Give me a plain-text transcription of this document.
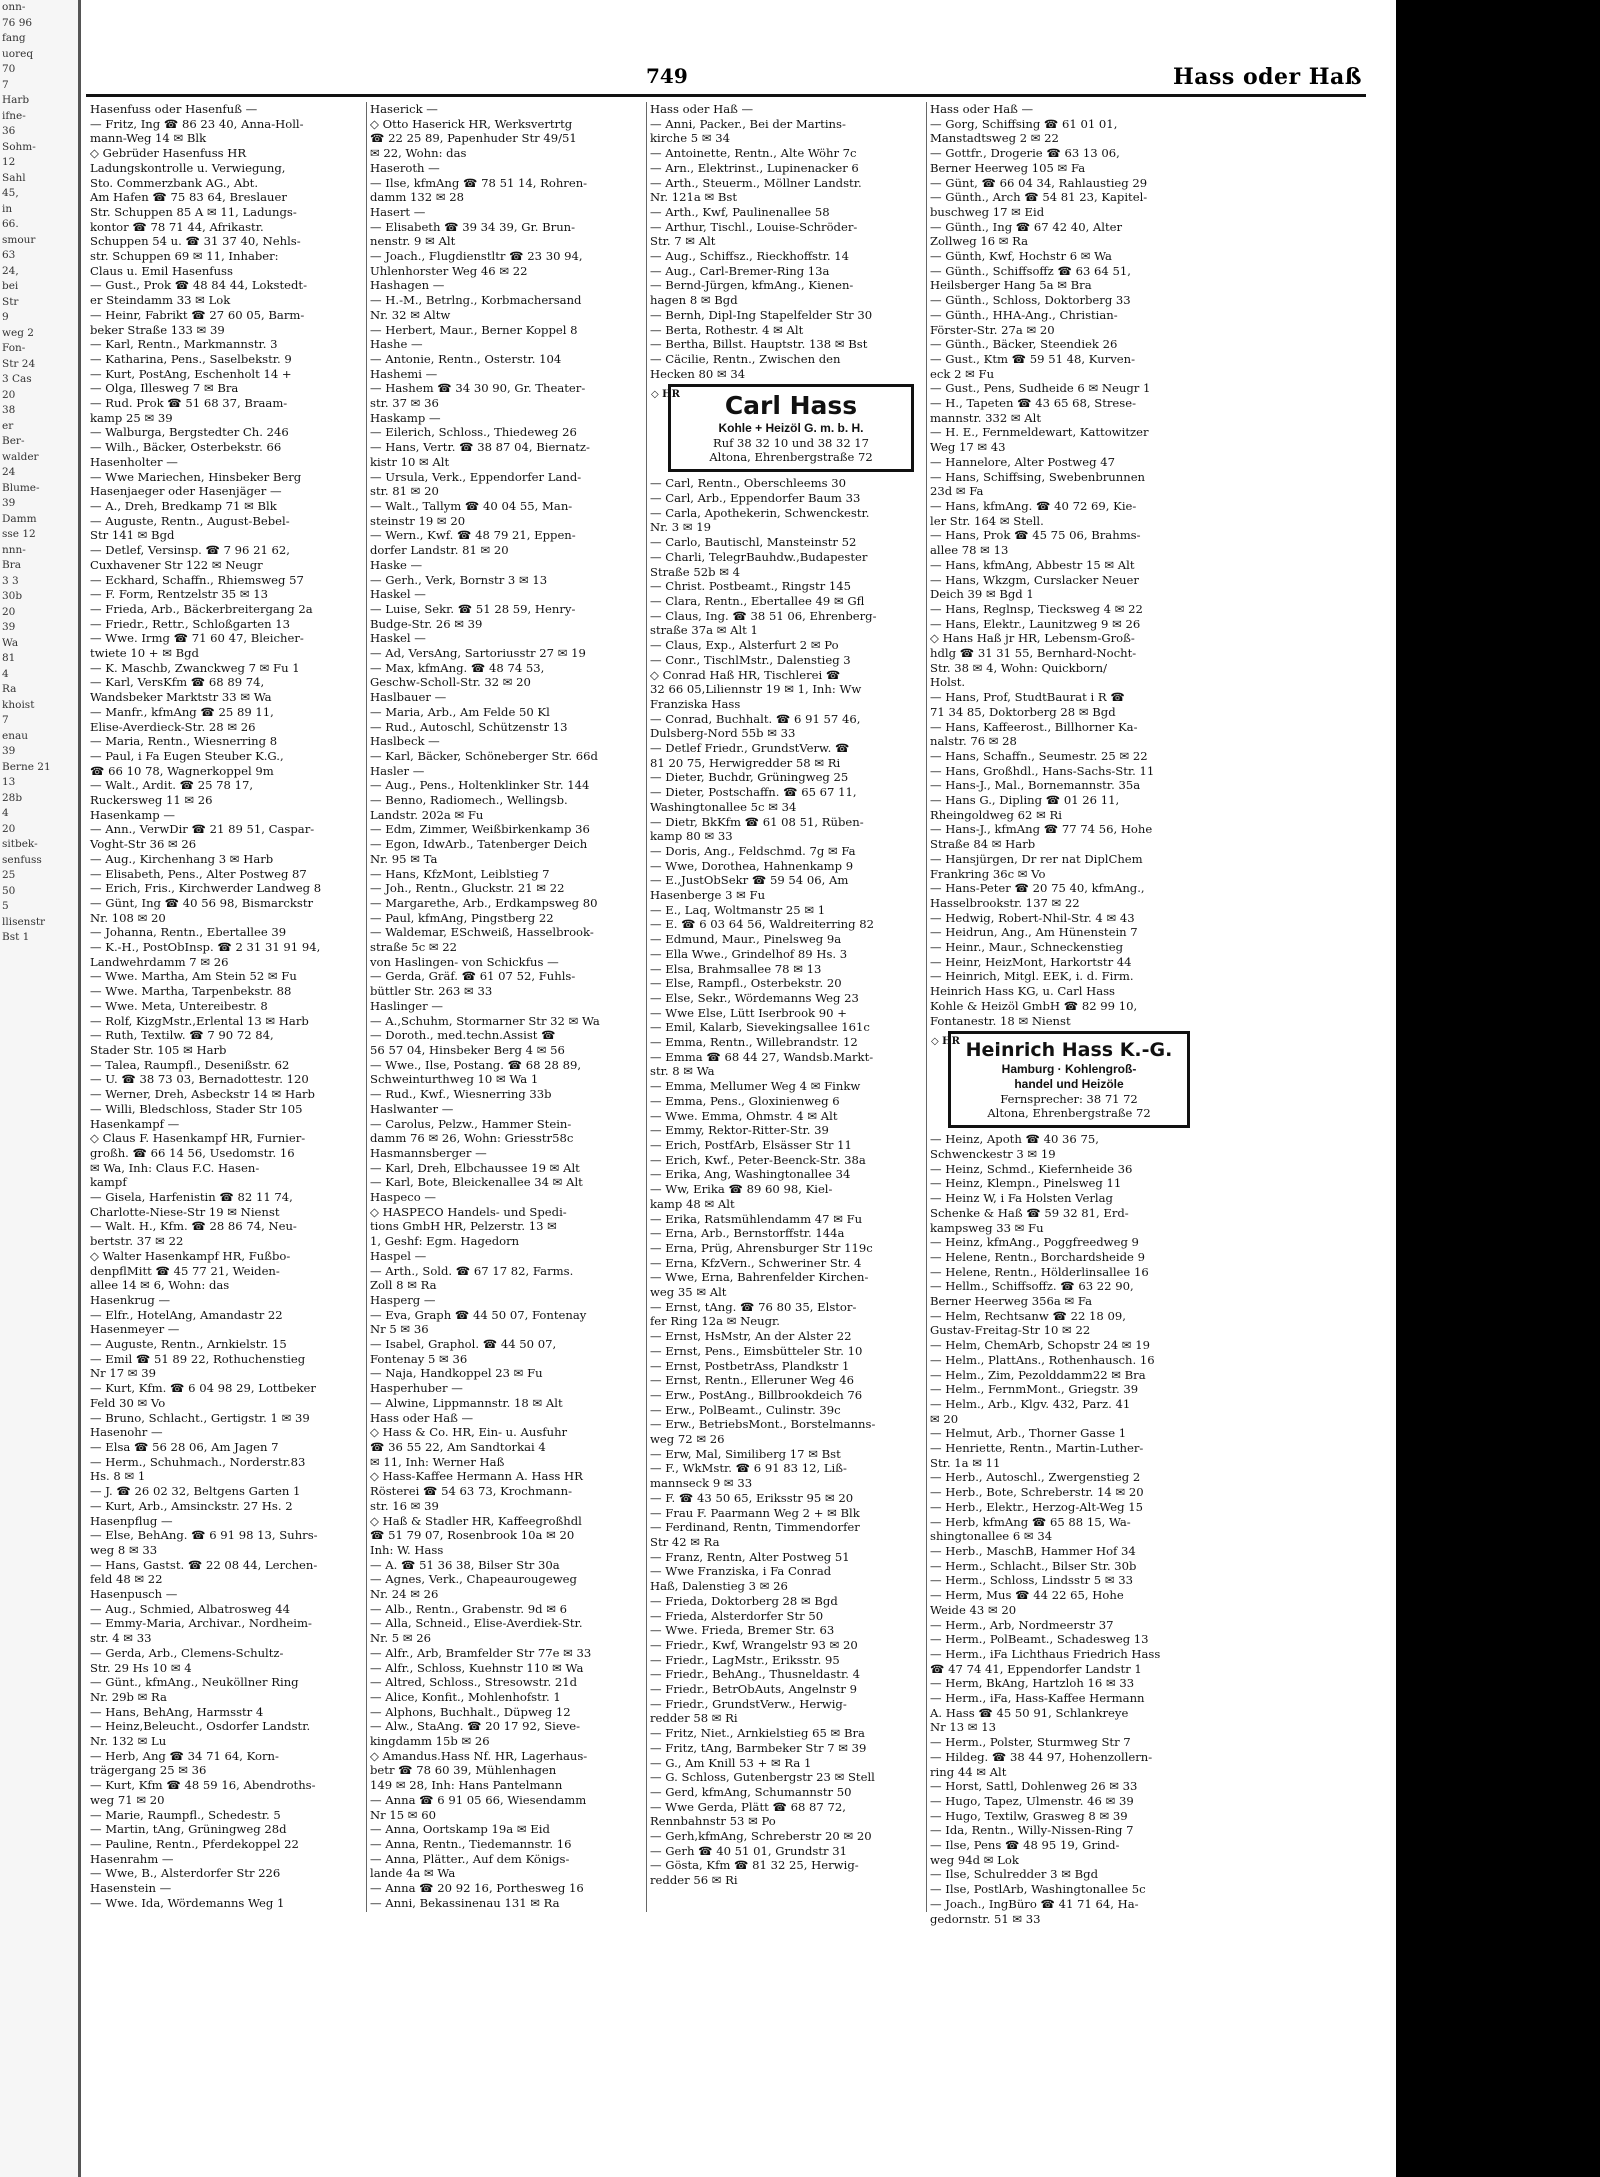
onn-
76 96
fang
uoreq
70
7
Harb
ifne-
36
Sohm-
12
Sahl
45,
in
66.
smour
63
24,
bei
Str
9
weg 2
Fon-
Str 24
3 Cas
20
38
er
Ber-
walder
24
Blume-
39
Damm
sse 12
nnn-
Bra
3 3
30b
20
39
Wa
81
4
Ra
khoist
7
enau
39
Berne 21
13
28b
4
20
sitbek-
senfuss
25
50
5
llisenstr
Bst 1
749	Hass oder Haß
Hasenfuss oder Hasenfuß —
— Fritz, Ing ☎ 86 23 40, Anna-Holl-
mann-Weg 14 ✉ Blk
◇ Gebrüder Hasenfuss HR
Ladungskontrolle u. Verwiegung,
Sto. Commerzbank AG., Abt.
Am Hafen ☎ 75 83 64, Breslauer
Str. Schuppen 85 A ✉ 11, Ladungs-
kontor ☎ 78 71 44, Afrikastr.
Schuppen 54 u. ☎ 31 37 40, Nehls-
str. Schuppen 69 ✉ 11, Inhaber:
Claus u. Emil Hasenfuss
— Gust., Prok ☎ 48 84 44, Lokstedt-
er Steindamm 33 ✉ Lok
— Heinr, Fabrikt ☎ 27 60 05, Barm-
beker Straße 133 ✉ 39
— Karl, Rentn., Markmannstr. 3
— Katharina, Pens., Saselbekstr. 9
— Kurt, PostAng, Eschenholt 14 +
— Olga, Illesweg 7 ✉ Bra
— Rud. Prok ☎ 51 68 37, Braam-
kamp 25 ✉ 39
— Walburga, Bergstedter Ch. 246
— Wilh., Bäcker, Osterbekstr. 66
Hasenholter —
— Wwe Mariechen, Hinsbeker Berg
Hasenjaeger oder Hasenjäger —
— A., Dreh, Bredkamp 71 ✉ Blk
— Auguste, Rentn., August-Bebel-
Str 141 ✉ Bgd
— Detlef, Versinsp. ☎ 7 96 21 62,
Cuxhavener Str 122 ✉ Neugr
— Eckhard, Schaffn., Rhiemsweg 57
— F. Form, Rentzelstr 35 ✉ 13
— Frieda, Arb., Bäckerbreitergang 2a
— Friedr., Rettr., Schloßgarten 13
— Wwe. Irmg ☎ 71 60 47, Bleicher-
twiete 10 + ✉ Bgd
— K. Maschb, Zwanckweg 7 ✉ Fu 1
— Karl, VersKfm ☎ 68 89 74,
Wandsbeker Marktstr 33 ✉ Wa
— Manfr., kfmAng ☎ 25 89 11,
Elise-Averdieck-Str. 28 ✉ 26
— Maria, Rentn., Wiesnerring 8
— Paul, i Fa Eugen Steuber K.G.,
☎ 66 10 78, Wagnerkoppel 9m
— Walt., Ardit. ☎ 25 78 17,
Ruckersweg 11 ✉ 26
Hasenkamp —
— Ann., VerwDir ☎ 21 89 51, Caspar-
Voght-Str 36 ✉ 26
— Aug., Kirchenhang 3 ✉ Harb
— Elisabeth, Pens., Alter Postweg 87
— Erich, Fris., Kirchwerder Landweg 8
— Günt, Ing ☎ 40 56 98, Bismarckstr
Nr. 108 ✉ 20
— Johanna, Rentn., Ebertallee 39
— K.-H., PostObInsp. ☎ 2 31 31 91 94,
Landwehrdamm 7 ✉ 26
— Wwe. Martha, Am Stein 52 ✉ Fu
— Wwe. Martha, Tarpenbekstr. 88
— Wwe. Meta, Untereibestr. 8
— Rolf, KizgMstr.,Erlental 13 ✉ Harb
— Ruth, Textilw. ☎ 7 90 72 84,
Stader Str. 105 ✉ Harb
— Talea, Raumpfl., Desenißstr. 62
— U. ☎ 38 73 03, Bernadottestr. 120
— Werner, Dreh, Asbeckstr 14 ✉ Harb
— Willi, Bledschloss, Stader Str 105
Hasenkampf —
◇ Claus F. Hasenkampf HR, Furnier-
großh. ☎ 66 14 56, Usedomstr. 16
✉ Wa, Inh: Claus F.C. Hasen-
kampf
— Gisela, Harfenistin ☎ 82 11 74,
Charlotte-Niese-Str 19 ✉ Nienst
— Walt. H., Kfm. ☎ 28 86 74, Neu-
bertstr. 37 ✉ 22
◇ Walter Hasenkampf HR, Fußbo-
denpflMitt ☎ 45 77 21, Weiden-
allee 14 ✉ 6, Wohn: das
Hasenkrug —
— Elfr., HotelAng, Amandastr 22
Hasenmeyer —
— Auguste, Rentn., Arnkielstr. 15
— Emil ☎ 51 89 22, Rothuchenstieg
Nr 17 ✉ 39
— Kurt, Kfm. ☎ 6 04 98 29, Lottbeker
Feld 30 ✉ Vo
— Bruno, Schlacht., Gertigstr. 1 ✉ 39
Hasenohr —
— Elsa ☎ 56 28 06, Am Jagen 7
— Herm., Schuhmach., Norderstr.83
Hs. 8 ✉ 1
— J. ☎ 26 02 32, Beltgens Garten 1
— Kurt, Arb., Amsinckstr. 27 Hs. 2
Hasenpflug —
— Else, BehAng. ☎ 6 91 98 13, Suhrs-
weg 8 ✉ 33
— Hans, Gastst. ☎ 22 08 44, Lerchen-
feld 48 ✉ 22
Hasenpusch —
— Aug., Schmied, Albatrosweg 44
— Emmy-Maria, Archivar., Nordheim-
str. 4 ✉ 33
— Gerda, Arb., Clemens-Schultz-
Str. 29 Hs 10 ✉ 4
— Günt., kfmAng., Neuköllner Ring
Nr. 29b ✉ Ra
— Hans, BehAng, Harmsstr 4
— Heinz,Beleucht., Osdorfer Landstr.
Nr. 132 ✉ Lu
— Herb, Ang ☎ 34 71 64, Korn-
trägergang 25 ✉ 36
— Kurt, Kfm ☎ 48 59 16, Abendroths-
weg 71 ✉ 20
— Marie, Raumpfl., Schedestr. 5
— Martin, tAng, Grüningweg 28d
— Pauline, Rentn., Pferdekoppel 22
Hasenrahm —
— Wwe, B., Alsterdorfer Str 226
Hasenstein —
— Wwe. Ida, Wördemanns Weg 1
Haserick —
◇ Otto Haserick HR, Werksvertrtg
☎ 22 25 89, Papenhuder Str 49/51
✉ 22, Wohn: das
Haseroth —
— Ilse, kfmAng ☎ 78 51 14, Rohren-
damm 132 ✉ 28
Hasert —
— Elisabeth ☎ 39 34 39, Gr. Brun-
nenstr. 9 ✉ Alt
— Joach., Flugdienstltr ☎ 23 30 94,
Uhlenhorster Weg 46 ✉ 22
Hashagen —
— H.-M., Betrlng., Korbmachersand
Nr. 32 ✉ Altw
— Herbert, Maur., Berner Koppel 8
Hashe —
— Antonie, Rentn., Osterstr. 104
Hashemi —
— Hashem ☎ 34 30 90, Gr. Theater-
str. 37 ✉ 36
Haskamp —
— Eilerich, Schloss., Thiedeweg 26
— Hans, Vertr. ☎ 38 87 04, Biernatz-
kistr 10 ✉ Alt
— Ursula, Verk., Eppendorfer Land-
str. 81 ✉ 20
— Walt., Tallym ☎ 40 04 55, Man-
steinstr 19 ✉ 20
— Wern., Kwf. ☎ 48 79 21, Eppen-
dorfer Landstr. 81 ✉ 20
Haske —
— Gerh., Verk, Bornstr 3 ✉ 13
Haskel —
— Luise, Sekr. ☎ 51 28 59, Henry-
Budge-Str. 26 ✉ 39
Haskel —
— Ad, VersAng, Sartoriusstr 27 ✉ 19
— Max, kfmAng. ☎ 48 74 53,
Geschw-Scholl-Str. 32 ✉ 20
Haslbauer —
— Maria, Arb., Am Felde 50 Kl
— Rud., Autoschl, Schützenstr 13
Haslbeck —
— Karl, Bäcker, Schöneberger Str. 66d
Hasler —
— Aug., Pens., Holtenklinker Str. 144
— Benno, Radiomech., Wellingsb.
Landstr. 202a ✉ Fu
— Edm, Zimmer, Weißbirkenkamp 36
— Egon, IdwArb., Tatenberger Deich
Nr. 95 ✉ Ta
— Hans, KfzMont, Leiblstieg 7
— Joh., Rentn., Gluckstr. 21 ✉ 22
— Margarethe, Arb., Erdkampsweg 80
— Paul, kfmAng, Pingstberg 22
— Waldemar, ESchweiß, Hasselbrook-
straße 5c ✉ 22
von Haslingen- von Schickfus —
— Gerda, Gräf. ☎ 61 07 52, Fuhls-
büttler Str. 263 ✉ 33
Haslinger —
— A.,Schuhm, Stormarner Str 32 ✉ Wa
— Doroth., med.techn.Assist ☎
56 57 04, Hinsbeker Berg 4 ✉ 56
— Wwe., Ilse, Postang. ☎ 68 28 89,
Schweinturthweg 10 ✉ Wa 1
— Rud., Kwf., Wiesnerring 33b
Haslwanter —
— Carolus, Pelzw., Hammer Stein-
damm 76 ✉ 26, Wohn: Griesstr58c
Hasmannsberger —
— Karl, Dreh, Elbchaussee 19 ✉ Alt
— Karl, Bote, Bleickenallee 34 ✉ Alt
Haspeco —
◇ HASPECO Handels- und Spedi-
tions GmbH HR, Pelzerstr. 13 ✉
1, Geshf: Egm. Hagedorn
Haspel —
— Arth., Sold. ☎ 67 17 82, Farms.
Zoll 8 ✉ Ra
Hasperg —
— Eva, Graph ☎ 44 50 07, Fontenay
Nr 5 ✉ 36
— Isabel, Graphol. ☎ 44 50 07,
Fontenay 5 ✉ 36
— Naja, Handkoppel 23 ✉ Fu
Hasperhuber —
— Alwine, Lippmannstr. 18 ✉ Alt
Hass oder Haß —
◇ Hass & Co. HR, Ein- u. Ausfuhr
☎ 36 55 22, Am Sandtorkai 4
✉ 11, Inh: Werner Haß
◇ Hass-Kaffee Hermann A. Hass HR
Rösterei ☎ 54 63 73, Krochmann-
str. 16 ✉ 39
◇ Haß & Stadler HR, Kaffeegroßhdl
☎ 51 79 07, Rosenbrook 10a ✉ 20
Inh: W. Hass
— A. ☎ 51 36 38, Bilser Str 30a
— Agnes, Verk., Chapeaurougeweg
Nr. 24 ✉ 26
— Alb., Rentn., Grabenstr. 9d ✉ 6
— Alla, Schneid., Elise-Averdiek-Str.
Nr. 5 ✉ 26
— Alfr., Arb, Bramfelder Str 77e ✉ 33
— Alfr., Schloss, Kuehnstr 110 ✉ Wa
— Altred, Schloss., Stresowstr. 21d
— Alice, Konfit., Mohlenhofstr. 1
— Alphons, Buchhalt., Düpweg 12
— Alw., StaAng. ☎ 20 17 92, Sieve-
kingdamm 15b ✉ 26
◇ Amandus.Hass Nf. HR, Lagerhaus-
betr ☎ 78 60 39, Mühlenhagen
149 ✉ 28, Inh: Hans Pantelmann
— Anna ☎ 6 91 05 66, Wiesendamm
Nr 15 ✉ 60
— Anna, Oortskamp 19a ✉ Eid
— Anna, Rentn., Tiedemannstr. 16
— Anna, Plätter., Auf dem Königs-
lande 4a ✉ Wa
— Anna ☎ 20 92 16, Porthesweg 16
— Anni, Bekassinenau 131 ✉ Ra
Hass oder Haß —
— Anni, Packer., Bei der Martins-
kirche 5 ✉ 34
— Antoinette, Rentn., Alte Wöhr 7c
— Arn., Elektrinst., Lupinenacker 6
— Arth., Steuerm., Möllner Landstr.
Nr. 121a ✉ Bst
— Arth., Kwf, Paulinenallee 58
— Arthur, Tischl., Louise-Schröder-
Str. 7 ✉ Alt
— Aug., Schiffsz., Rieckhoffstr. 14
— Aug., Carl-Bremer-Ring 13a
— Bernd-Jürgen, kfmAng., Kienen-
hagen 8 ✉ Bgd
— Bernh, Dipl-Ing Stapelfelder Str 30
— Berta, Rothestr. 4 ✉ Alt
— Bertha, Billst. Hauptstr. 138 ✉ Bst
— Cäcilie, Rentn., Zwischen den
Hecken 80 ✉ 34
◇ HR	Carl Hass
Kohle + Heizöl G. m. b. H.
Ruf 38 32 10 und 38 32 17
Altona, Ehrenbergstraße 72
— Carl, Rentn., Oberschleems 30
— Carl, Arb., Eppendorfer Baum 33
— Carla, Apothekerin, Schwenckestr.
Nr. 3 ✉ 19
— Carlo, Bautischl, Mansteinstr 52
— Charli, TelegrBauhdw.,Budapester
Straße 52b ✉ 4
— Christ. Postbeamt., Ringstr 145
— Clara, Rentn., Ebertallee 49 ✉ Gfl
— Claus, Ing. ☎ 38 51 06, Ehrenberg-
straße 37a ✉ Alt 1
— Claus, Exp., Alsterfurt 2 ✉ Po
— Conr., TischlMstr., Dalenstieg 3
◇ Conrad Haß HR, Tischlerei ☎
32 66 05,Liliennstr 19 ✉ 1, Inh: Ww
Franziska Hass
— Conrad, Buchhalt. ☎ 6 91 57 46,
Dulsberg-Nord 55b ✉ 33
— Detlef Friedr., GrundstVerw. ☎
81 20 75, Herwigredder 58 ✉ Ri
— Dieter, Buchdr, Grüningweg 25
— Dieter, Postschaffn. ☎ 65 67 11,
Washingtonallee 5c ✉ 34
— Dietr, BkKfm ☎ 61 08 51, Rüben-
kamp 80 ✉ 33
— Doris, Ang., Feldschmd. 7g ✉ Fa
— Wwe, Dorothea, Hahnenkamp 9
— E.,JustObSekr ☎ 59 54 06, Am
Hasenberge 3 ✉ Fu
— E., Laq, Woltmanstr 25 ✉ 1
— E. ☎ 6 03 64 56, Waldreiterring 82
— Edmund, Maur., Pinelsweg 9a
— Ella Wwe., Grindelhof 89 Hs. 3
— Elsa, Brahmsallee 78 ✉ 13
— Else, Rampfl., Osterbekstr. 20
— Else, Sekr., Wördemanns Weg 23
— Wwe Else, Lütt Iserbrook 90 +
— Emil, Kalarb, Sievekingsallee 161c
— Emma, Rentn., Willebrandstr. 12
— Emma ☎ 68 44 27, Wandsb.Markt-
str. 8 ✉ Wa
— Emma, Mellumer Weg 4 ✉ Finkw
— Emma, Pens., Gloxinienweg 6
— Wwe. Emma, Ohmstr. 4 ✉ Alt
— Emmy, Rektor-Ritter-Str. 39
— Erich, PostfArb, Elsässer Str 11
— Erich, Kwf., Peter-Beenck-Str. 38a
— Erika, Ang, Washingtonallee 34
— Ww, Erika ☎ 89 60 98, Kiel-
kamp 48 ✉ Alt
— Erika, Ratsmühlendamm 47 ✉ Fu
— Erna, Arb., Bernstorffstr. 144a
— Erna, Prüg, Ahrensburger Str 119c
— Erna, KfzVern., Schweriner Str. 4
— Wwe, Erna, Bahrenfelder Kirchen-
weg 35 ✉ Alt
— Ernst, tAng. ☎ 76 80 35, Elstor-
fer Ring 12a ✉ Neugr.
— Ernst, HsMstr, An der Alster 22
— Ernst, Pens., Eimsbütteler Str. 10
— Ernst, PostbetrAss, Plandkstr 1
— Ernst, Rentn., Elleruner Weg 46
— Erw., PostAng., Billbrookdeich 76
— Erw., PolBeamt., Culinstr. 39c
— Erw., BetriebsMont., Borstelmanns-
weg 72 ✉ 26
— Erw, Mal, Similiberg 17 ✉ Bst
— F., WkMstr. ☎ 6 91 83 12, Liß-
mannseck 9 ✉ 33
— F. ☎ 43 50 65, Eriksstr 95 ✉ 20
— Frau F. Paarmann Weg 2 + ✉ Blk
— Ferdinand, Rentn, Timmendorfer
Str 42 ✉ Ra
— Franz, Rentn, Alter Postweg 51
— Wwe Franziska, i Fa Conrad
Haß, Dalenstieg 3 ✉ 26
— Frieda, Doktorberg 28 ✉ Bgd
— Frieda, Alsterdorfer Str 50
— Wwe. Frieda, Bremer Str. 63
— Friedr., Kwf, Wrangelstr 93 ✉ 20
— Friedr., LagMstr., Eriksstr. 95
— Friedr., BehAng., Thusneldastr. 4
— Friedr., BetrObAuts, Angelnstr 9
— Friedr., GrundstVerw., Herwig-
redder 58 ✉ Ri
— Fritz, Niet., Arnkielstieg 65 ✉ Bra
— Fritz, tAng, Barmbeker Str 7 ✉ 39
— G., Am Knill 53 + ✉ Ra 1
— G. Schloss, Gutenbergstr 23 ✉ Stell
— Gerd, kfmAng, Schumannstr 50
— Wwe Gerda, Plätt ☎ 68 87 72,
Rennbahnstr 53 ✉ Po
— Gerh,kfmAng, Schreberstr 20 ✉ 20
— Gerh ☎ 40 51 01, Grundstr 31
— Gösta, Kfm ☎ 81 32 25, Herwig-
redder 56 ✉ Ri
Hass oder Haß —
— Gorg, Schiffsing ☎ 61 01 01,
Manstadtsweg 2 ✉ 22
— Gottfr., Drogerie ☎ 63 13 06,
Berner Heerweg 105 ✉ Fa
— Günt, ☎ 66 04 34, Rahlaustieg 29
— Günth., Arch ☎ 54 81 23, Kapitel-
buschweg 17 ✉ Eid
— Günth., Ing ☎ 67 42 40, Alter
Zollweg 16 ✉ Ra
— Günth, Kwf, Hochstr 6 ✉ Wa
— Günth., Schiffsoffz ☎ 63 64 51,
Heilsberger Hang 5a ✉ Bra
— Günth., Schloss, Doktorberg 33
— Günth., HHA-Ang., Christian-
Förster-Str. 27a ✉ 20
— Günth., Bäcker, Steendiek 26
— Gust., Ktm ☎ 59 51 48, Kurven-
eck 2 ✉ Fu
— Gust., Pens, Sudheide 6 ✉ Neugr 1
— H., Tapeten ☎ 43 65 68, Strese-
mannstr. 332 ✉ Alt
— H. E., Fernmeldewart, Kattowitzer
Weg 17 ✉ 43
— Hannelore, Alter Postweg 47
— Hans, Schiffsing, Swebenbrunnen
23d ✉ Fa
— Hans, kfmAng. ☎ 40 72 69, Kie-
ler Str. 164 ✉ Stell.
— Hans, Prok ☎ 45 75 06, Brahms-
allee 78 ✉ 13
— Hans, kfmAng, Abbestr 15 ✉ Alt
— Hans, Wkzgm, Curslacker Neuer
Deich 39 ✉ Bgd 1
— Hans, Reglnsp, Tiecksweg 4 ✉ 22
— Hans, Elektr., Launitzweg 9 ✉ 26
◇ Hans Haß jr HR, Lebensm-Groß-
hdlg ☎ 31 31 55, Bernhard-Nocht-
Str. 38 ✉ 4, Wohn: Quickborn/
Holst.
— Hans, Prof, StudtBaurat i R ☎
71 34 85, Doktorberg 28 ✉ Bgd
— Hans, Kaffeerost., Billhorner Ka-
nalstr. 76 ✉ 28
— Hans, Schaffn., Seumestr. 25 ✉ 22
— Hans, Großhdl., Hans-Sachs-Str. 11
— Hans-J., Mal., Bornemannstr. 35a
— Hans G., Dipling ☎ 01 26 11,
Rheingoldweg 62 ✉ Ri
— Hans-J., kfmAng ☎ 77 74 56, Hohe
Straße 84 ✉ Harb
— Hansjürgen, Dr rer nat DiplChem
Frankring 36c ✉ Vo
— Hans-Peter ☎ 20 75 40, kfmAng.,
Hasselbrookstr. 137 ✉ 22
— Hedwig, Robert-Nhil-Str. 4 ✉ 43
— Heidrun, Ang., Am Hünenstein 7
— Heinr., Maur., Schneckenstieg
— Heinr, HeizMont, Harkortstr 44
— Heinrich, Mitgl. EEK, i. d. Firm.
Heinrich Hass KG, u. Carl Hass
Kohle & Heizöl GmbH ☎ 82 99 10,
Fontanestr. 18 ✉ Nienst
◇ HR Heinrich Hass K.-G.
Hamburg · Kohlengroß-
handel und Heizöle
Fernsprecher: 38 71 72
Altona, Ehrenbergstraße 72
— Heinz, Apoth ☎ 40 36 75,
Schwenckestr 3 ✉ 19
— Heinz, Schmd., Kiefernheide 36
— Heinz, Klempn., Pinelsweg 11
— Heinz W, i Fa Holsten Verlag
Schenke & Haß ☎ 59 32 81, Erd-
kampsweg 33 ✉ Fu
— Heinz, kfmAng., Poggfreedweg 9
— Helene, Rentn., Borchardsheide 9
— Helene, Rentn., Hölderlinsallee 16
— Hellm., Schiffsoffz. ☎ 63 22 90,
Berner Heerweg 356a ✉ Fa
— Helm, Rechtsanw ☎ 22 18 09,
Gustav-Freitag-Str 10 ✉ 22
— Helm, ChemArb, Schopstr 24 ✉ 19
— Helm., PlattAns., Rothenhausch. 16
— Helm., Zim, Pezolddamm22 ✉ Bra
— Helm., FernmMont., Griegstr. 39
— Helm., Arb., Klgv. 432, Parz. 41
✉ 20
— Helmut, Arb., Thorner Gasse 1
— Henriette, Rentn., Martin-Luther-
Str. 1a ✉ 11
— Herb., Autoschl., Zwergenstieg 2
— Herb., Bote, Schreberstr. 14 ✉ 20
— Herb., Elektr., Herzog-Alt-Weg 15
— Herb, kfmAng ☎ 65 88 15, Wa-
shingtonallee 6 ✉ 34
— Herb., MaschB, Hammer Hof 34
— Herm., Schlacht., Bilser Str. 30b
— Herm., Schloss, Lindsstr 5 ✉ 33
— Herm, Mus ☎ 44 22 65, Hohe
Weide 43 ✉ 20
— Herm., Arb, Nordmeerstr 37
— Herm., PolBeamt., Schadesweg 13
— Herm., iFa Lichthaus Friedrich Hass
☎ 47 74 41, Eppendorfer Landstr 1
— Herm, BkAng, Hartzloh 16 ✉ 33
— Herm., iFa, Hass-Kaffee Hermann
A. Hass ☎ 45 50 91, Schlankreye
Nr 13 ✉ 13
— Herm., Polster, Sturmweg Str 7
— Hildeg. ☎ 38 44 97, Hohenzollern-
ring 44 ✉ Alt
— Horst, Sattl, Dohlenweg 26 ✉ 33
— Hugo, Tapez, Ulmenstr. 46 ✉ 39
— Hugo, Textilw, Grasweg 8 ✉ 39
— Ida, Rentn., Willy-Nissen-Ring 7
— Ilse, Pens ☎ 48 95 19, Grind-
weg 94d ✉ Lok
— Ilse, Schulredder 3 ✉ Bgd
— Ilse, PostlArb, Washingtonallee 5c
— Joach., IngBüro ☎ 41 71 64, Ha-
gedornstr. 51 ✉ 33
